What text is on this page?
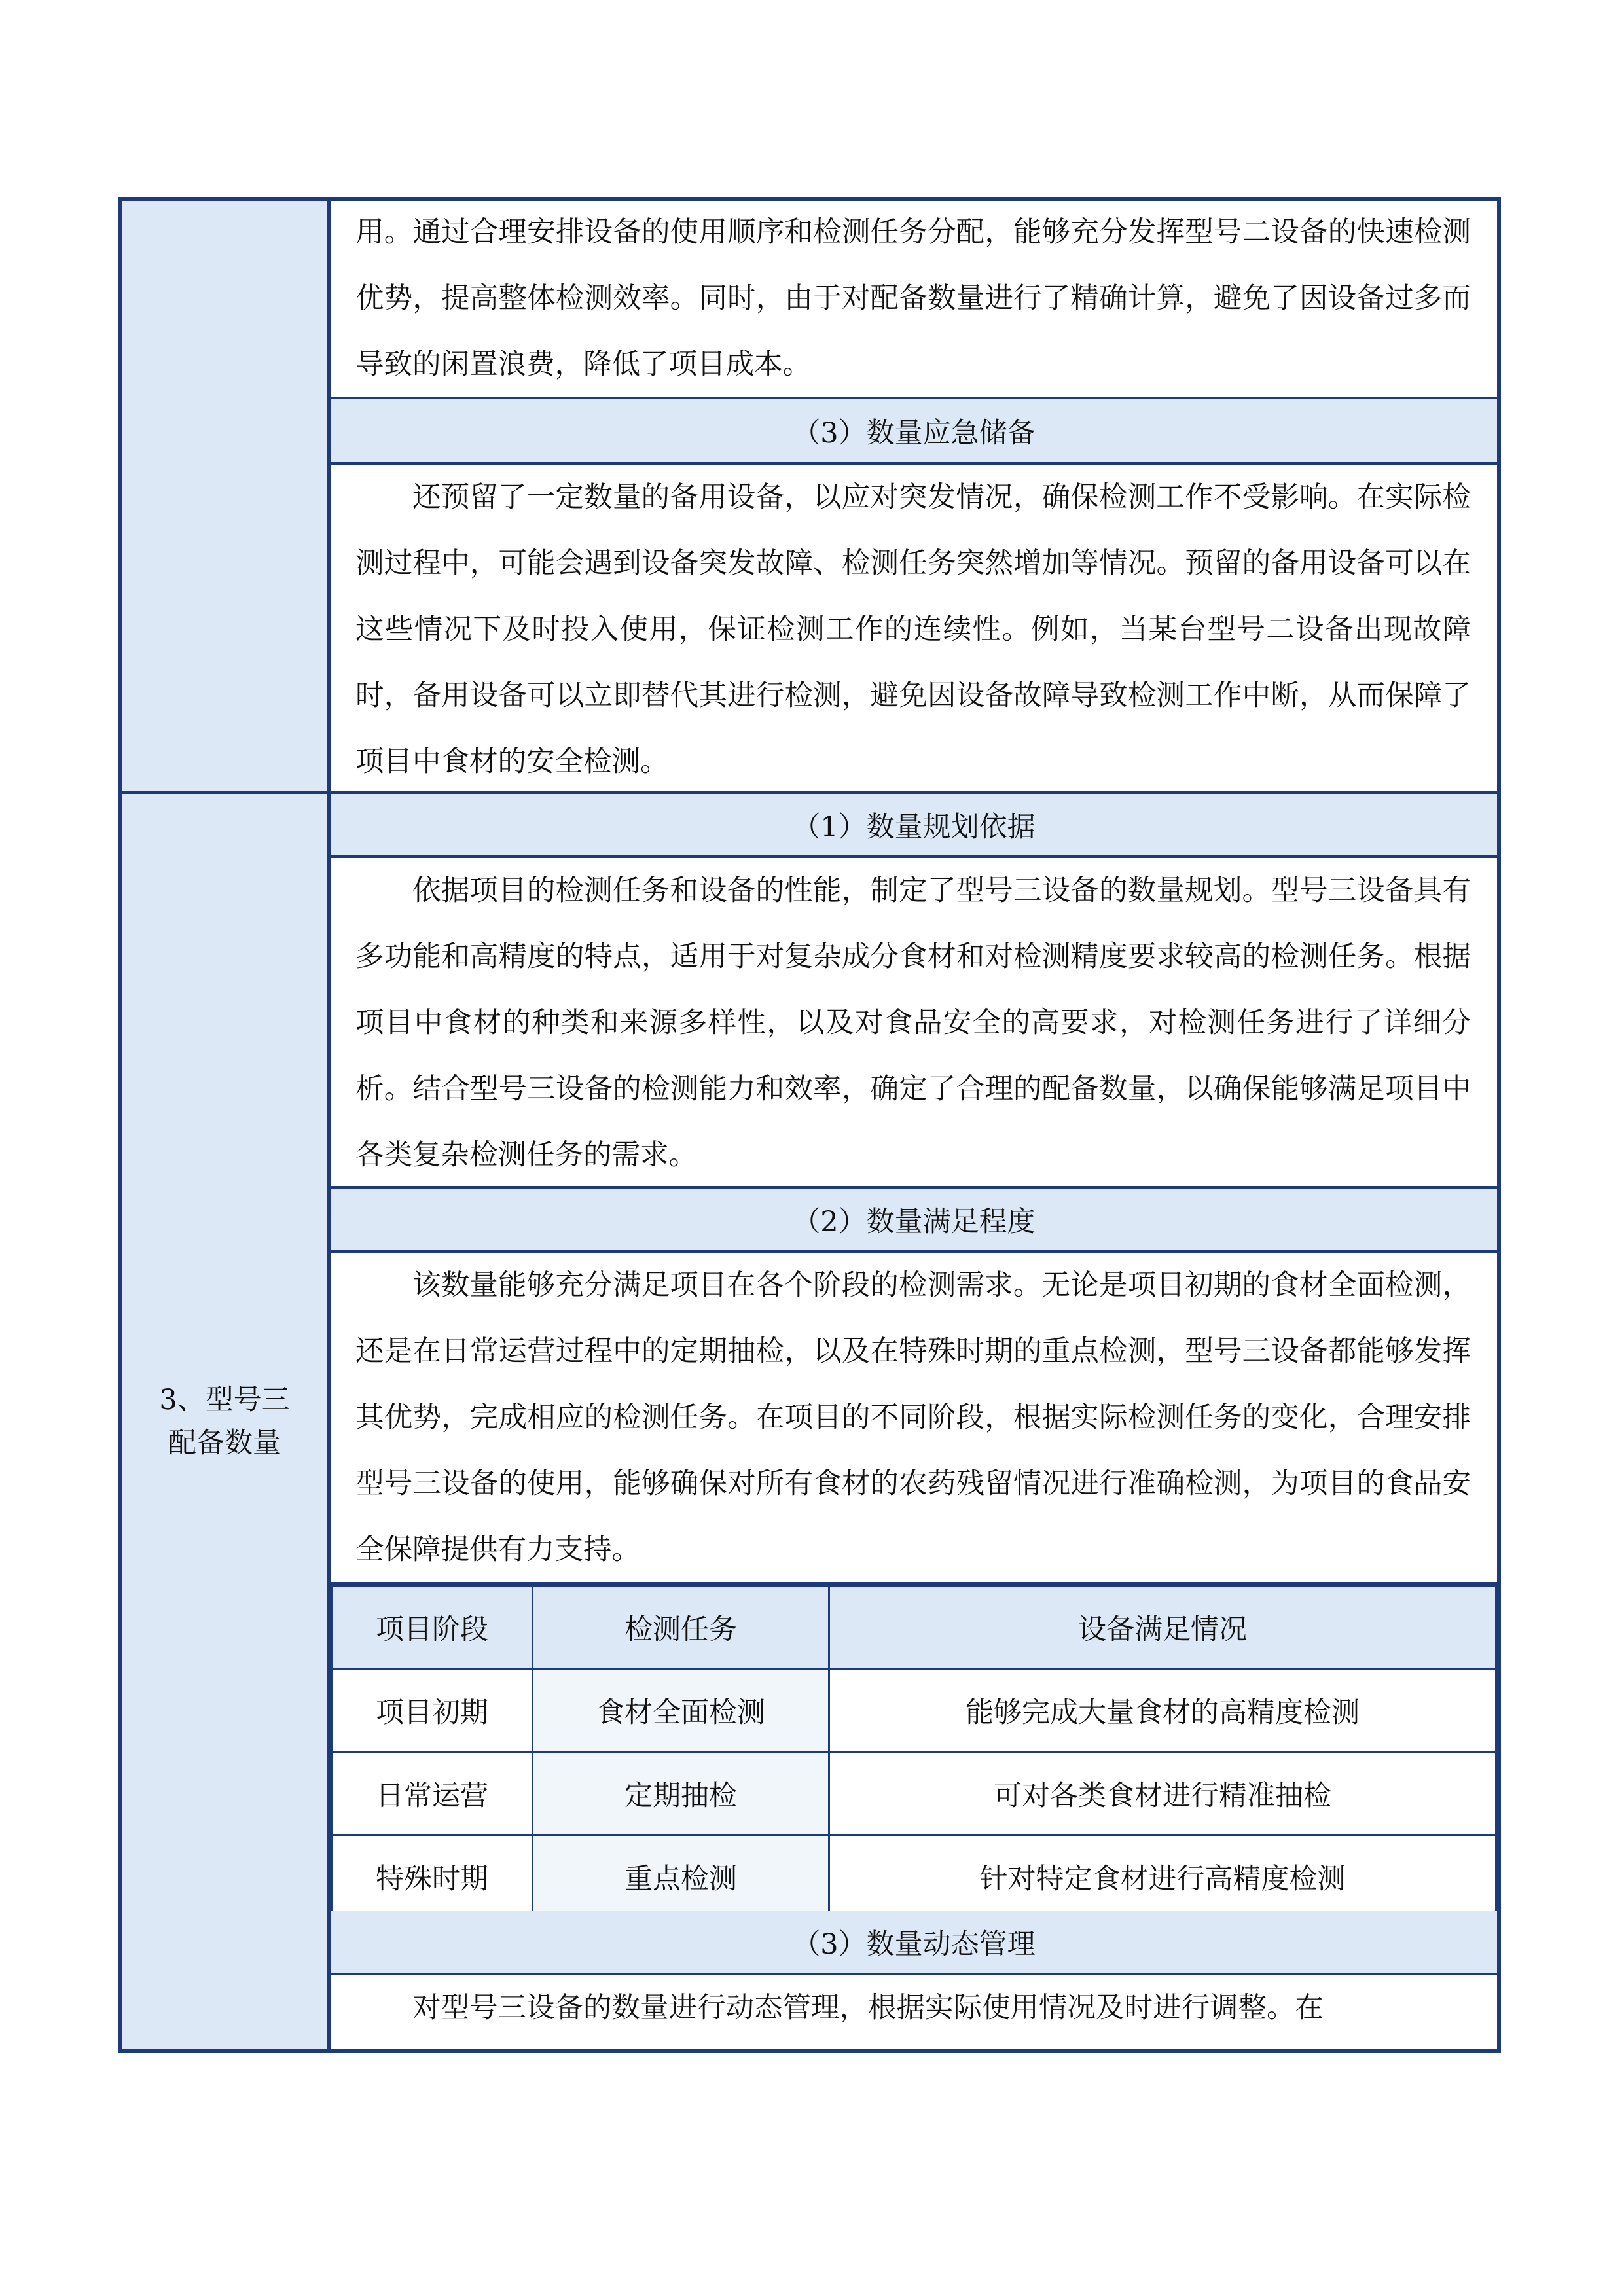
3、型号三配备数量
用。通过合理安排设备的使用顺序和检测任务分配，能够充分发挥型号二设备的快速检测优势，提高整体检测效率。同时，由于对配备数量进行了精确计算，避免了因设备过多而导致的闲置浪费，降低了项目成本。
（3）数量应急储备
还预留了一定数量的备用设备，以应对突发情况，确保检测工作不受影响。在实际检测过程中，可能会遇到设备突发故障、检测任务突然增加等情况。预留的备用设备可以在这些情况下及时投入使用，保证检测工作的连续性。例如，当某台型号二设备出现故障时，备用设备可以立即替代其进行检测，避免因设备故障导致检测工作中断，从而保障了项目中食材的安全检测。
（1）数量规划依据
依据项目的检测任务和设备的性能，制定了型号三设备的数量规划。型号三设备具有多功能和高精度的特点，适用于对复杂成分食材和对检测精度要求较高的检测任务。根据项目中食材的种类和来源多样性，以及对食品安全的高要求，对检测任务进行了详细分析。结合型号三设备的检测能力和效率，确定了合理的配备数量，以确保能够满足项目中各类复杂检测任务的需求。
（2）数量满足程度
该数量能够充分满足项目在各个阶段的检测需求。无论是项目初期的食材全面检测，还是在日常运营过程中的定期抽检，以及在特殊时期的重点检测，型号三设备都能够发挥其优势，完成相应的检测任务。在项目的不同阶段，根据实际检测任务的变化，合理安排型号三设备的使用，能够确保对所有食材的农药残留情况进行准确检测，为项目的食品安全保障提供有力支持。
项目阶段	检测任务	设备满足情况
项目初期	食材全面检测	能够完成大量食材的高精度检测
日常运营	定期抽检	可对各类食材进行精准抽检
特殊时期	重点检测	针对特定食材进行高精度检测
（3）数量动态管理
对型号三设备的数量进行动态管理，根据实际使用情况及时进行调整。在
